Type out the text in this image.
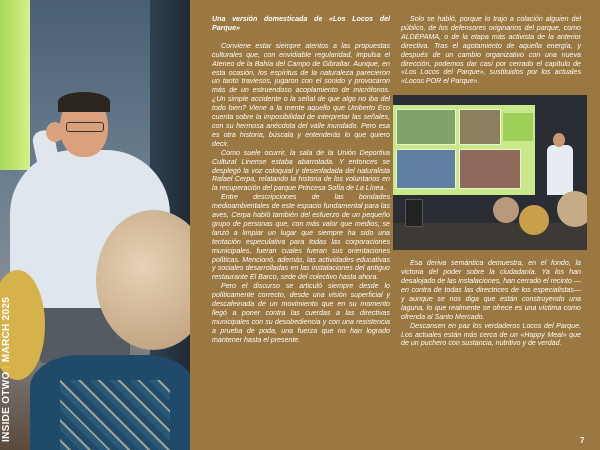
INSIDE OTWO | MARCH 2025

Una versión domesticada de «Los Locos del Parque»

Conviene estar siempre atentos a las propuestas culturales que, con envidiable regularidad, impulsa el Ateneo de la Bahía del Campo de Gibraltar. Aunque, en esta ocasión, los espíritus de la naturaleza parecieron un tanto traviesos, jugaron con el sonido y provocaron más de un estruendoso acoplamiento de micrófonos. ¿Un simple accidente o la señal de que algo no iba del todo bien? Viene a la mente aquello que Umberto Eco cuenta sobre la imposibilidad de interpretar las señales, con su hermosa anécdota del valle inundado. Pero esa es otra historia, búscala y entenderás lo que quiero decir.

Como suele ocurrir, la sala de la Unión Deportiva Cultural Linense estaba abarrotada. Y entonces se desplegó la voz coloquial y desenfadada del naturalista Rafael Cerpa, relatando la historia de los voluntarios en la recuperación del parque Princesa Sofía de La Línea.

Entre descripciones de las bondades medioambientales de este espacio fundamental para las aves, Cerpa habló también del esfuerzo de un pequeño grupo de personas que, con más valor que medios, se lanzó a limpiar un lugar que siempre ha sido una tentación especulativa para todas las corporaciones municipales, fueran cuales fueran sus orientaciones políticas. Mencionó, además, las actividades educativas y sociales desarrolladas en las instalaciones del antiguo restaurante El Barco, sede del colectivo hasta ahora.

Pero el discurso se articuló siempre desde lo políticamente correcto, desde una visión superficial y descafeinada de un movimiento que en su momento llegó a poner contra las cuerdas a las directivas municipales con su desobediencia y con una resistencia a prueba de poda, una fuerza que no han logrado mantener hasta el presente.

Solo se habló, porque lo trajo a colación alguien del público, de los defensores originarios del parque, como ALDEPAMA, o de la etapa más activista de la anterior directiva. Tras el agotamiento de aquella energía, y después de un cambio organizativo con una nueva dirección, podemos dar casi por cerrado el capítulo de «Los Locos del Parque», sustituidos por los actuales «Locos POR el Parque».

Esa deriva semántica demuestra, en el fondo, la victoria del poder sobre la ciudadanía. Ya los han desalojado de las instalaciones, han cerrado el recinto —en contra de todas las directrices de los especialistas— y aunque se nos diga que están construyendo una laguna, lo que realmente se ofrece es una víctima como ofrenda al Santo Mercado.

Descansen en paz los verdaderos Locos del Parque. Los actuales están más cerca de un «Happy Meal» que de un puchero con sustancia, nutritivo y de verdad.

7
